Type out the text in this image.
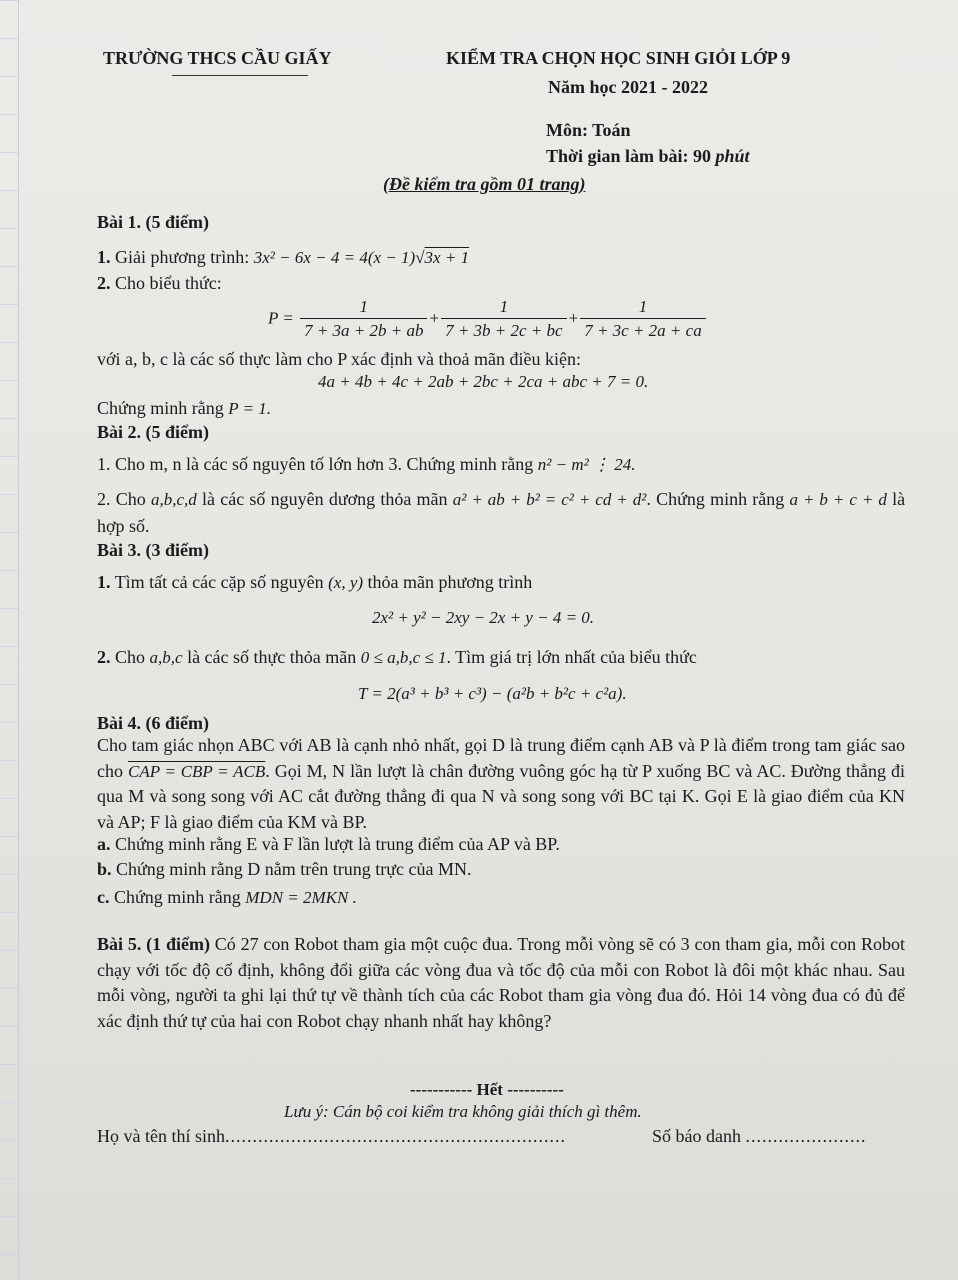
TRƯỜNG THCS CẦU GIẤY	KIỂM TRA CHỌN HỌC SINH GIỎI LỚP 9
Năm học 2021 - 2022
Môn: Toán
Thời gian làm bài: 90 phút
(Đề kiểm tra gồm 01 trang)
Bài 1. (5 điểm)
1. Giải phương trình: 3x² − 6x − 4 = 4(x − 1)√3x + 1
2. Cho biểu thức:
$P = \frac{1}{7 + 3a + 2b + ab} + \frac{1}{7 + 3b + 2c + bc} + \frac{1}{7 + 3c + 2a + ca}$
với a, b, c là các số thực làm cho P xác định và thoả mãn điều kiện:
4a + 4b + 4c + 2ab + 2bc + 2ca + abc + 7 = 0.
Chứng minh rằng P = 1.
Bài 2. (5 điểm)
1. Cho m, n là các số nguyên tố lớn hơn 3. Chứng minh rằng n² − m² ⋮ 24.
2. Cho a,b,c,d là các số nguyên dương thỏa mãn a² + ab + b² = c² + cd + d². Chứng minh rằng a + b + c + d là hợp số.
Bài 3. (3 điểm)
1. Tìm tất cả các cặp số nguyên (x, y) thỏa mãn phương trình
2x² + y² − 2xy − 2x + y − 4 = 0.
2. Cho a,b,c là các số thực thỏa mãn 0 ≤ a,b,c ≤ 1. Tìm giá trị lớn nhất của biểu thức
T = 2(a³ + b³ + c³) − (a²b + b²c + c²a).
Bài 4. (6 điểm)
Cho tam giác nhọn ABC với AB là cạnh nhỏ nhất, gọi D là trung điểm cạnh AB và P là điểm trong tam giác sao cho CAP = CBP = ACB. Gọi M, N lần lượt là chân đường vuông góc hạ từ P xuống BC và AC. Đường thẳng đi qua M và song song với AC cắt đường thẳng đi qua N và song song với BC tại K. Gọi E là giao điểm của KN và AP; F là giao điểm của KM và BP.
a. Chứng minh rằng E và F lần lượt là trung điểm của AP và BP.
b. Chứng minh rằng D nằm trên trung trực của MN.
c. Chứng minh rằng MDN = 2MKN .
Bài 5. (1 điểm) Có 27 con Robot tham gia một cuộc đua. Trong mỗi vòng sẽ có 3 con tham gia, mỗi con Robot chạy với tốc độ cố định, không đổi giữa các vòng đua và tốc độ của mỗi con Robot là đôi một khác nhau. Sau mỗi vòng, người ta ghi lại thứ tự về thành tích của các Robot tham gia vòng đua đó. Hỏi 14 vòng đua có đủ để xác định thứ tự của hai con Robot chạy nhanh nhất hay không?
----------- Hết ----------
Lưu ý: Cán bộ coi kiểm tra không giải thích gì thêm.
Họ và tên thí sinh..............................................................	Số báo danh ......................
